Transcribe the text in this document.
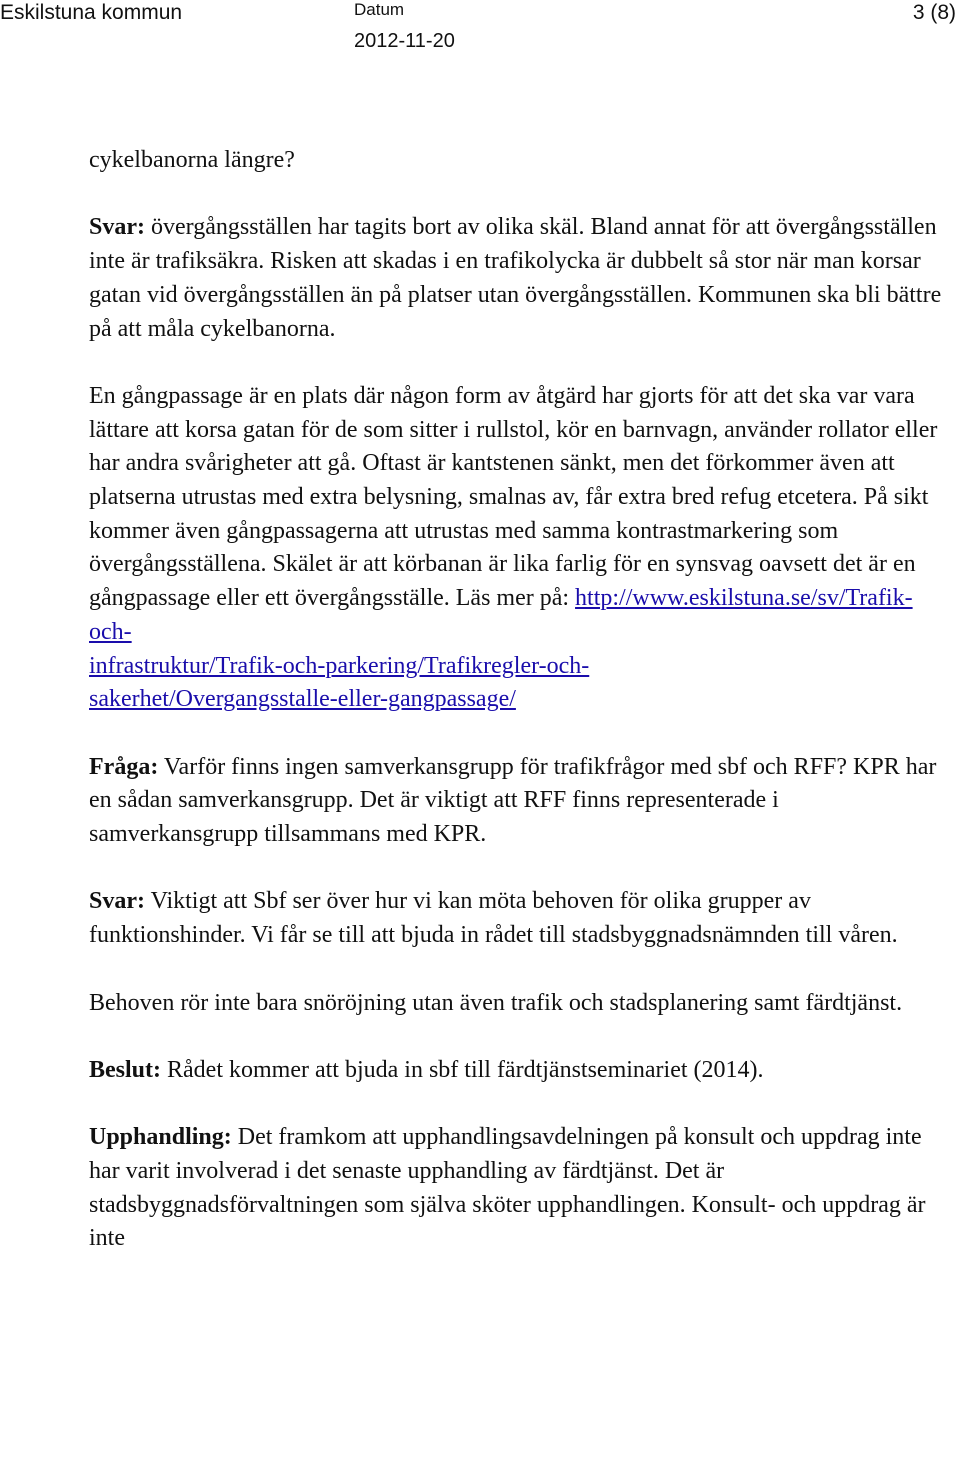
Eskilstuna kommun	Datum
2012-11-20
3 (8)

cykelbanorna längre?

Svar: övergångsställen har tagits bort av olika skäl. Bland annat för att övergångsställen inte är trafiksäkra. Risken att skadas i en trafikolycka är dubbelt så stor när man korsar gatan vid övergångsställen än på platser utan övergångsställen. Kommunen ska bli bättre på att måla cykelbanorna.

En gångpassage är en plats där någon form av åtgärd har gjorts för att det ska var vara lättare att korsa gatan för de som sitter i rullstol, kör en barnvagn, använder rollator eller har andra svårigheter att gå. Oftast är kantstenen sänkt, men det förkommer även att platserna utrustas med extra belysning, smalnas av, får extra bred refug etcetera. På sikt kommer även gångpassagerna att utrustas med samma kontrastmarkering som övergångsställena. Skälet är att körbanan är lika farlig för en synsvag oavsett det är en gångpassage eller ett övergångsställe. Läs mer på: http://www.eskilstuna.se/sv/Trafik-och-
infrastruktur/Trafik-och-parkering/Trafikregler-och-
sakerhet/Overgangsstalle-eller-gangpassage/

Fråga: Varför finns ingen samverkansgrupp för trafikfrågor med sbf och RFF? KPR har en sådan samverkansgrupp. Det är viktigt att RFF finns representerade i samverkansgrupp tillsammans med KPR.

Svar: Viktigt att Sbf ser över hur vi kan möta behoven för olika grupper av funktionshinder. Vi får se till att bjuda in rådet till stadsbyggnadsnämnden till våren.

Behoven rör inte bara snöröjning utan även trafik och stadsplanering samt färdtjänst.

Beslut: Rådet kommer att bjuda in sbf till färdtjänstseminariet (2014).

Upphandling: Det framkom att upphandlingsavdelningen på konsult och uppdrag inte har varit involverad i det senaste upphandling av färdtjänst. Det är stadsbyggnadsförvaltningen som själva sköter upphandlingen. Konsult- och uppdrag är inte
